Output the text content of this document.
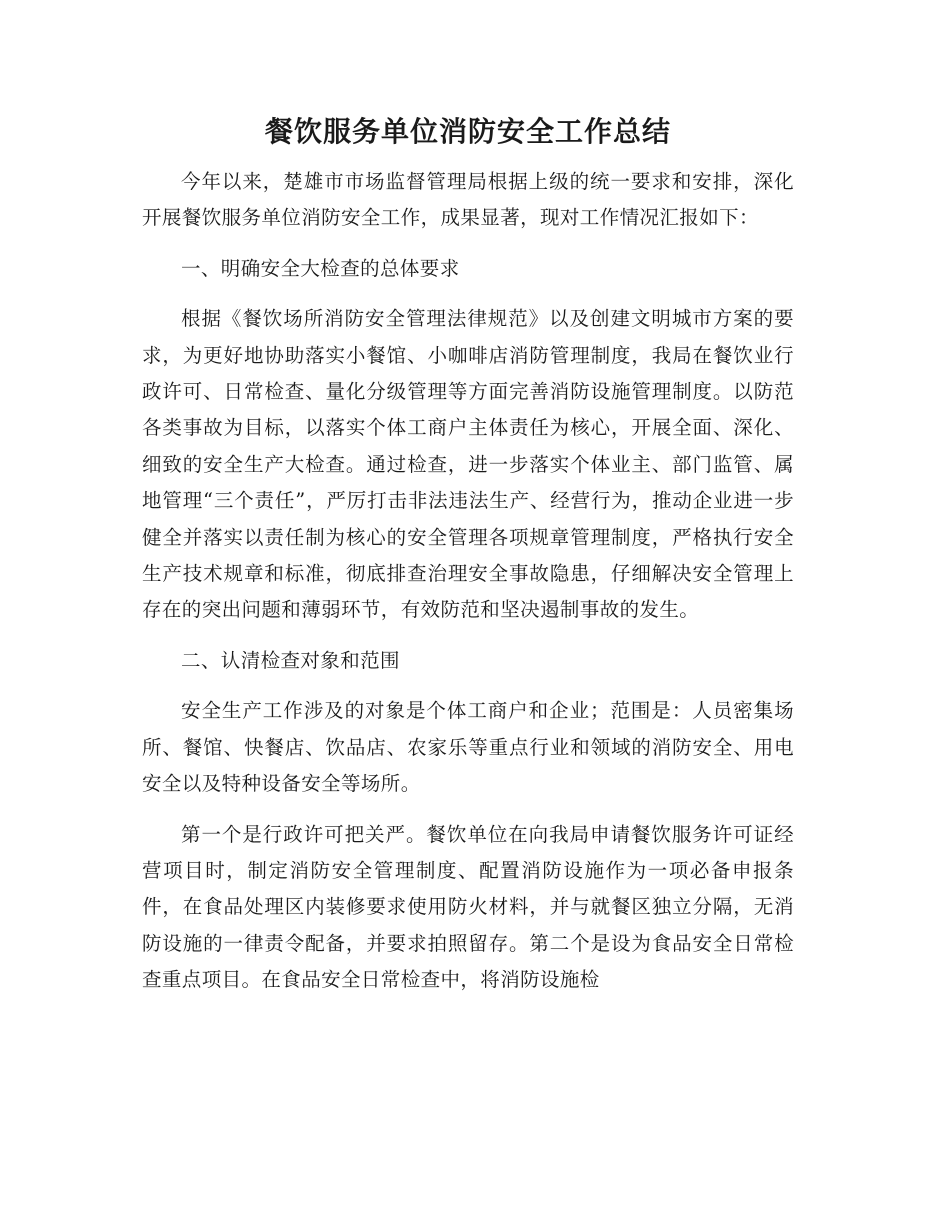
餐饮服务单位消防安全工作总结

今年以来，楚雄市市场监督管理局根据上级的统一要求和安排，深化开展餐饮服务单位消防安全工作，成果显著，现对工作情况汇报如下：

一、明确安全大检查的总体要求

根据《餐饮场所消防安全管理法律规范》以及创建文明城市方案的要求，为更好地协助落实小餐馆、小咖啡店消防管理制度，我局在餐饮业行政许可、日常检查、量化分级管理等方面完善消防设施管理制度。以防范各类事故为目标，以落实个体工商户主体责任为核心，开展全面、深化、细致的安全生产大检查。通过检查，进一步落实个体业主、部门监管、属地管理“三个责任”，严厉打击非法违法生产、经营行为，推动企业进一步健全并落实以责任制为核心的安全管理各项规章管理制度，严格执行安全生产技术规章和标准，彻底排查治理安全事故隐患，仔细解决安全管理上存在的突出问题和薄弱环节，有效防范和坚决遏制事故的发生。

二、认清检查对象和范围

安全生产工作涉及的对象是个体工商户和企业；范围是：人员密集场所、餐馆、快餐店、饮品店、农家乐等重点行业和领域的消防安全、用电安全以及特种设备安全等场所。

第一个是行政许可把关严。餐饮单位在向我局申请餐饮服务许可证经营项目时，制定消防安全管理制度、配置消防设施作为一项必备申报条件，在食品处理区内装修要求使用防火材料，并与就餐区独立分隔，无消防设施的一律责令配备，并要求拍照留存。第二个是设为食品安全日常检查重点项目。在食品安全日常检查中，将消防设施检
